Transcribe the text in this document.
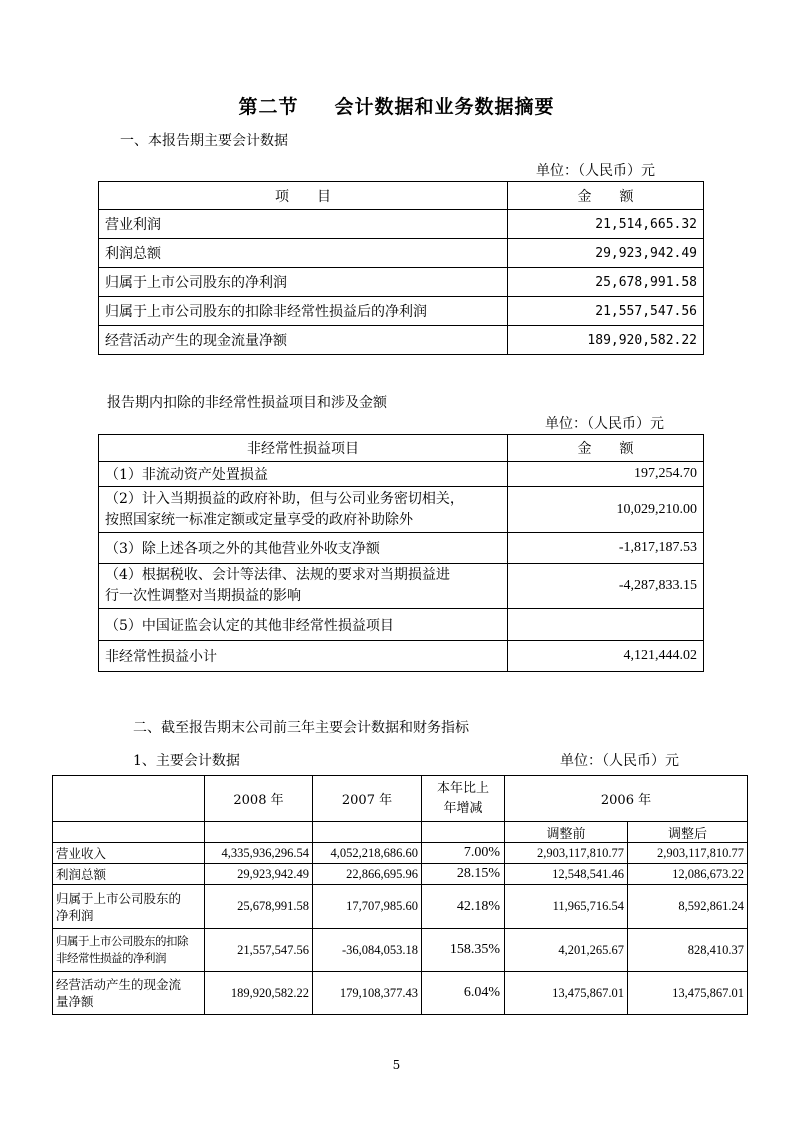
第二节 会计数据和业务数据摘要
一、本报告期主要会计数据
单位：（人民币）元
项　　目	金　　额
营业利润	21,514,665.32
利润总额	29,923,942.49
归属于上市公司股东的净利润	25,678,991.58
归属于上市公司股东的扣除非经常性损益后的净利润	21,557,547.56
经营活动产生的现金流量净额	189,920,582.22
报告期内扣除的非经常性损益项目和涉及金额
单位：（人民币）元
非经常性损益项目	金　　额
（1）非流动资产处置损益	197,254.70
（2）计入当期损益的政府补助，但与公司业务密切相关，
按照国家统一标准定额或定量享受的政府补助除外	10,029,210.00
（3）除上述各项之外的其他营业外收支净额	-1,817,187.53
（4）根据税收、会计等法律、法规的要求对当期损益进
行一次性调整对当期损益的影响	-4,287,833.15
（5）中国证监会认定的其他非经常性损益项目	
非经常性损益小计	4,121,444.02
二、截至报告期末公司前三年主要会计数据和财务指标
1、主要会计数据	单位：（人民币）元
	2008 年	2007 年	本年比上
年增减	2006 年	
				调整前	调整后
营业收入	4,335,936,296.54	4,052,218,686.60	7.00%	2,903,117,810.77	2,903,117,810.77
利润总额	29,923,942.49	22,866,695.96	28.15%	12,548,541.46	12,086,673.22
归属于上市公司股东的
净利润	25,678,991.58	17,707,985.60	42.18%	11,965,716.54	8,592,861.24
归属于上市公司股东的扣除
非经常性损益的净利润	21,557,547.56	-36,084,053.18	158.35%	4,201,265.67	828,410.37
经营活动产生的现金流
量净额	189,920,582.22	179,108,377.43	6.04%	13,475,867.01	13,475,867.01
5
